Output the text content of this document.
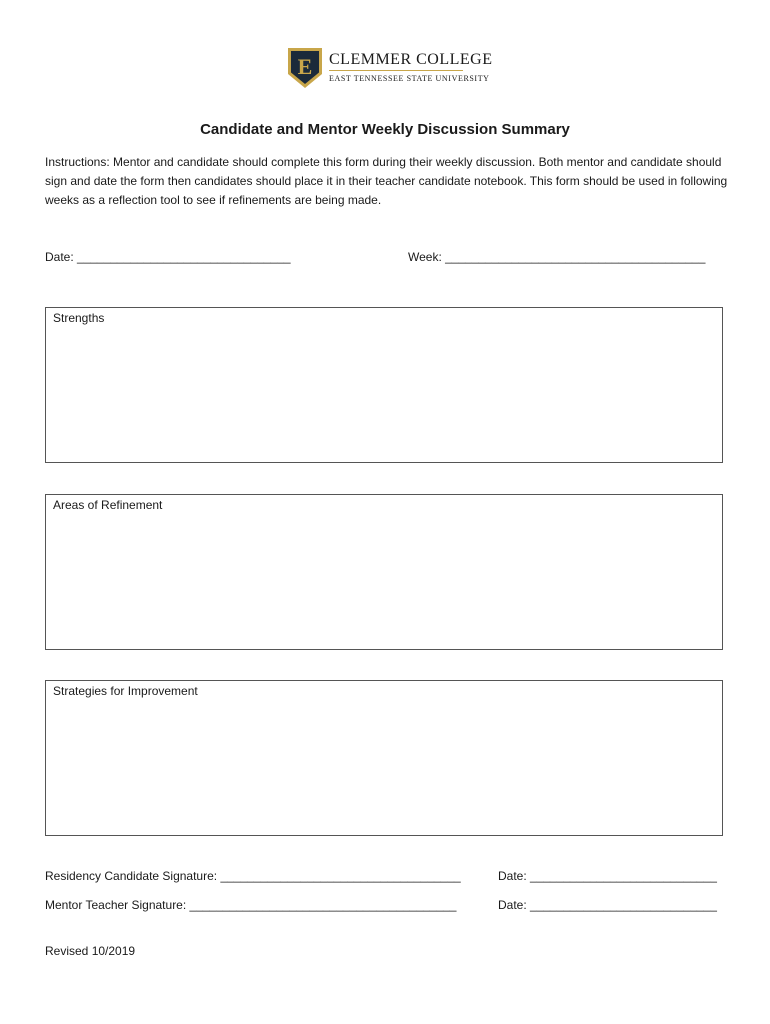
E CLEMMER COLLEGE
EAST TENNESSEE STATE UNIVERSITY
Candidate and Mentor Weekly Discussion Summary

Instructions: Mentor and candidate should complete this form during their weekly discussion. Both mentor and candidate should sign and date the form then candidates should place it in their teacher candidate notebook. This form should be used in following weeks as a reflection tool to see if refinements are being made.

Date: ________________________________	Week: _______________________________________
Strengths
Areas of Refinement
Strategies for Improvement
Residency Candidate Signature: ____________________________________	Date: ____________________________
Mentor Teacher Signature: ________________________________________	Date: ____________________________
Revised 10/2019
